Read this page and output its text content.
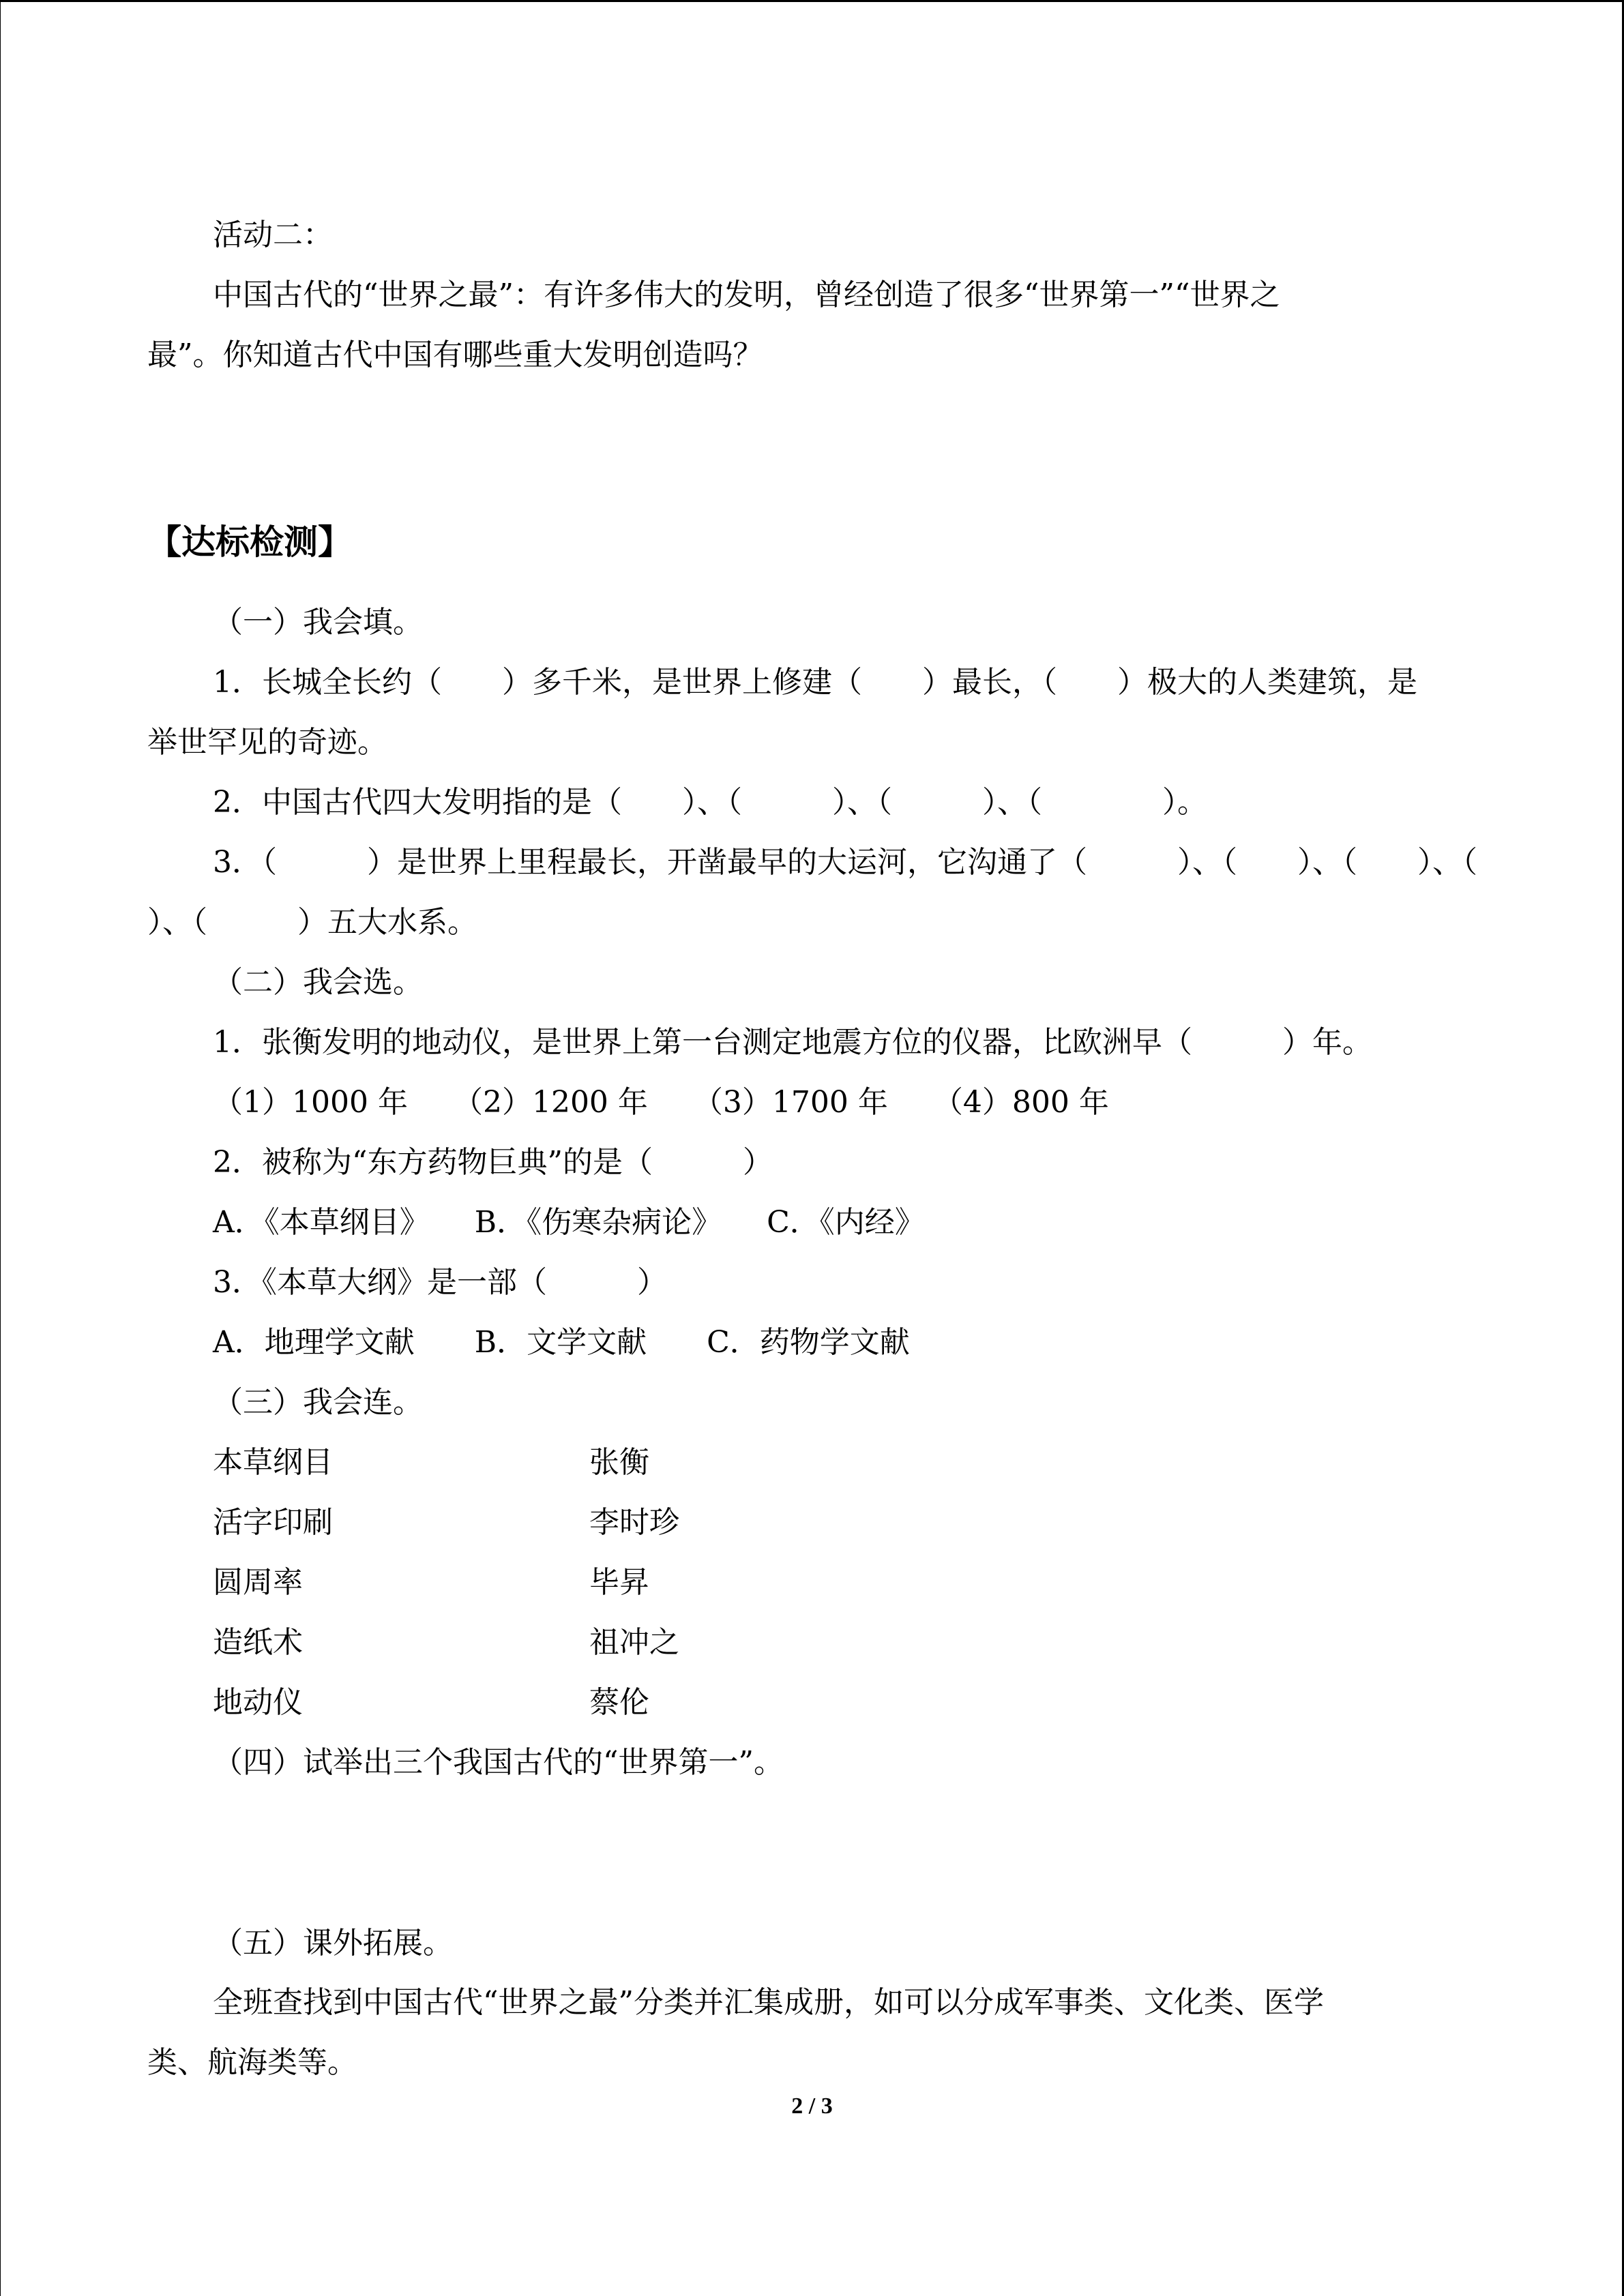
活动二：
中国古代的“世界之最”：有许多伟大的发明，曾经创造了很多“世界第一”“世界之
最”。你知道古代中国有哪些重大发明创造吗？
【达标检测】
（一）我会填。
1．长城全长约（　　）多千米，是世界上修建（　　）最长，（　　）极大的人类建筑，是
举世罕见的奇迹。
2．中国古代四大发明指的是（　　）、（　　　）、（　　　）、（　　　　）。
3．（　　　）是世界上里程最长，开凿最早的大运河，它沟通了（　　　）、（　　）、（　　）、（
）、（　　　）五大水系。
（二）我会选。
1．张衡发明的地动仪，是世界上第一台测定地震方位的仪器，比欧洲早（　　　）年。
（1）1000 年　　（2）1200 年　　（3）1700 年　　（4）800 年
2．被称为“东方药物巨典”的是（　　　）
A．《本草纲目》　　B．《伤寒杂病论》　　C．《内经》
3．《本草大纲》是一部（　　　）
A．地理学文献　　B．文学文献　　C．药物学文献
（三）我会连。
本草纲目	张衡
活字印刷	李时珍
圆周率	毕昇
造纸术	祖冲之
地动仪	蔡伦
（四）试举出三个我国古代的“世界第一”。
（五）课外拓展。
全班查找到中国古代“世界之最”分类并汇集成册，如可以分成军事类、文化类、医学
类、航海类等。
2 / 3
